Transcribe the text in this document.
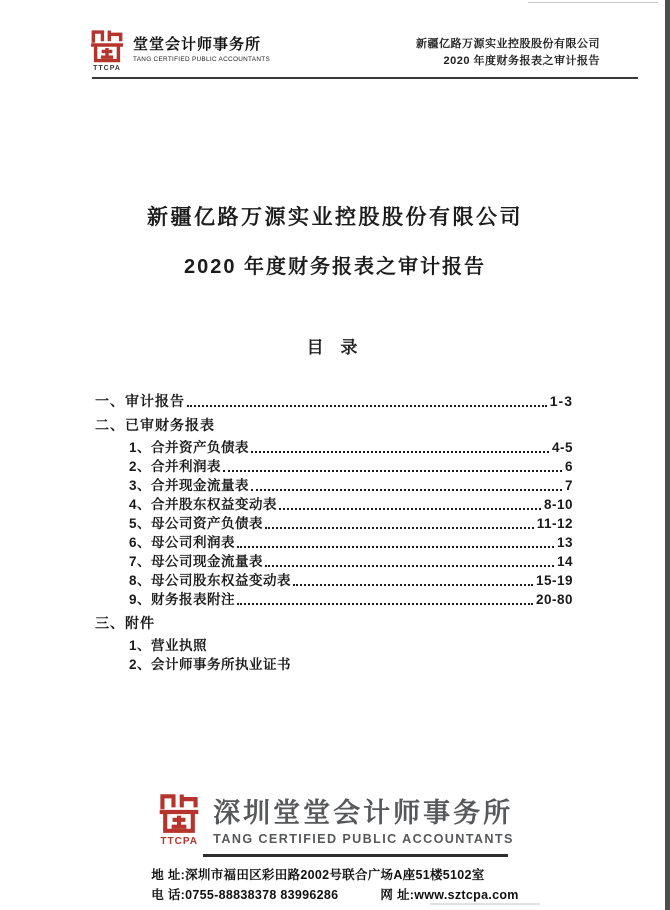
TTCPA
堂堂会计师事务所
TANG CERTIFIED PUBLIC ACCOUNTANTS
新疆亿路万源实业控股股份有限公司
2020 年度财务报表之审计报告
新疆亿路万源实业控股股份有限公司
2020 年度财务报表之审计报告
目 录
一、审计报告	1-3
二、已审财务报表
1、合并资产负债表	4-5
2、合并利润表	6
3、合并现金流量表	7
4、合并股东权益变动表	8-10
5、母公司资产负债表	11-12
6、母公司利润表	13
7、母公司现金流量表	14
8、母公司股东权益变动表	15-19
9、财务报表附注	20-80
三、附件
1、营业执照
2、会计师事务所执业证书
TTCPA
深圳堂堂会计师事务所
TANG CERTIFIED PUBLIC ACCOUNTANTS
地 址:深圳市福田区彩田路2002号联合广场A座51楼5102室
电 话:0755-88838378 83996286	网 址:www.sztcpa.com
